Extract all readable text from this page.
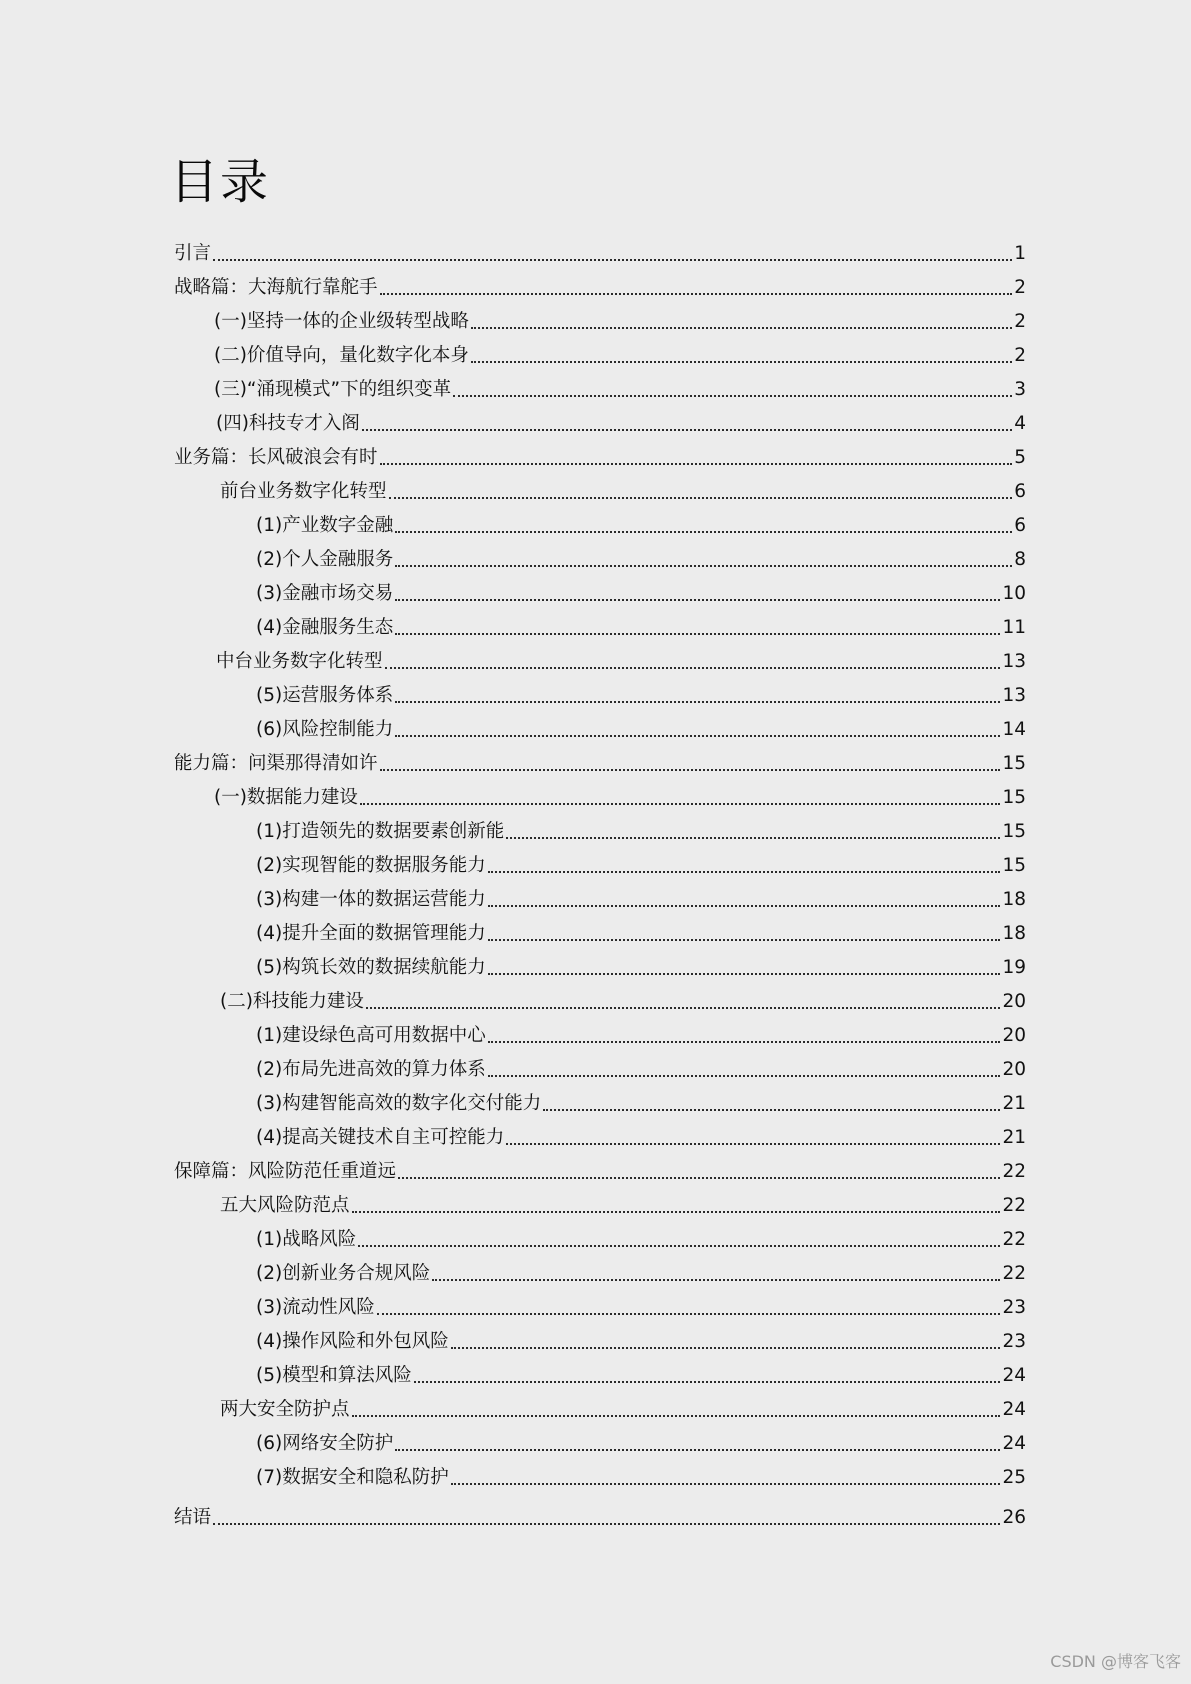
目录
引言	1
战略篇：大海航行靠舵手	2
(一)坚持一体的企业级转型战略	2
(二)价值导向，量化数字化本身	2
(三)“涌现模式”下的组织变革	3
(四)科技专才入阁	4
业务篇：长风破浪会有时	5
前台业务数字化转型	6
(1)产业数字金融	6
(2)个人金融服务	8
(3)金融市场交易	10
(4)金融服务生态	11
中台业务数字化转型	13
(5)运营服务体系	13
(6)风险控制能力	14
能力篇：问渠那得清如许	15
(一)数据能力建设	15
(1)打造领先的数据要素创新能	15
(2)实现智能的数据服务能力	15
(3)构建一体的数据运营能力	18
(4)提升全面的数据管理能力	18
(5)构筑长效的数据续航能力	19
(二)科技能力建设	20
(1)建设绿色高可用数据中心	20
(2)布局先进高效的算力体系	20
(3)构建智能高效的数字化交付能力	21
(4)提高关键技术自主可控能力	21
保障篇：风险防范任重道远	22
五大风险防范点	22
(1)战略风险	22
(2)创新业务合规风险	22
(3)流动性风险	23
(4)操作风险和外包风险	23
(5)模型和算法风险	24
两大安全防护点	24
(6)网络安全防护	24
(7)数据安全和隐私防护	25
结语	26
CSDN @博客飞客
